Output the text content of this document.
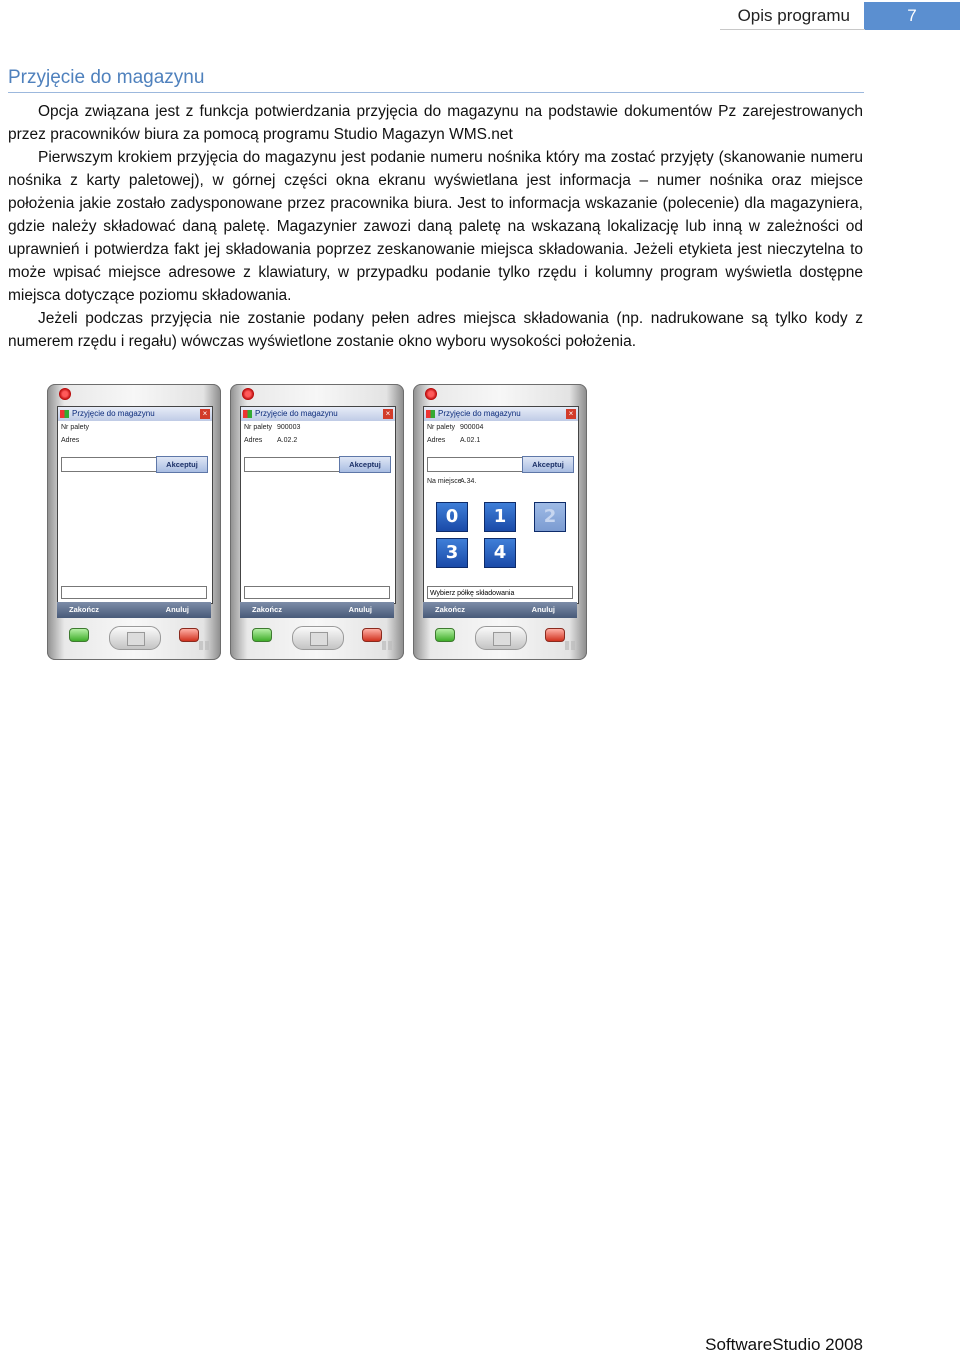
Opis programu	7
Przyjęcie do magazynu

Opcja związana jest z funkcja potwierdzania przyjęcia do magazynu na podstawie dokumentów Pz zarejestrowanych przez pracowników biura za pomocą programu Studio Magazyn WMS.net

Pierwszym krokiem przyjęcia do magazynu jest podanie numeru nośnika który ma zostać przyjęty (skanowanie numeru nośnika z karty paletowej), w górnej części okna ekranu wyświetlana jest informacja – numer nośnika oraz miejsce położenia jakie zostało zadysponowane przez pracownika biura. Jest to informacja wskazanie (polecenie) dla magazyniera, gdzie należy składować daną paletę. Magazynier zawozi daną paletę na wskazaną lokalizację lub inną w zależności od uprawnień i potwierdza fakt jej składowania poprzez zeskanowanie miejsca składowania. Jeżeli etykieta jest nieczytelna to może wpisać miejsce adresowe z klawiatury, w przypadku podanie tylko rzędu i kolumny program wyświetla dostępne miejsca dotyczące poziomu składowania.

Jeżeli podczas przyjęcia nie zostanie podany pełen adres miejsca składowania (np. nadrukowane są tylko kody z numerem rzędu i regału) wówczas wyświetlone zostanie okno wyboru wysokości położenia.

Przyjęcie do magazynu	×
Nr palety
Adres
Akceptuj
Zakończ	Anuluj
Przyjęcie do magazynu	×
Nr palety 900003
Adres A.02.2
Akceptuj
Zakończ	Anuluj
Przyjęcie do magazynu	×
Nr palety 900004
Adres A.02.1
Akceptuj
Na miejsce
A.34.
0	1	2
3	4
Wybierz półkę składowania
Zakończ	Anuluj
SoftwareStudio 2008
